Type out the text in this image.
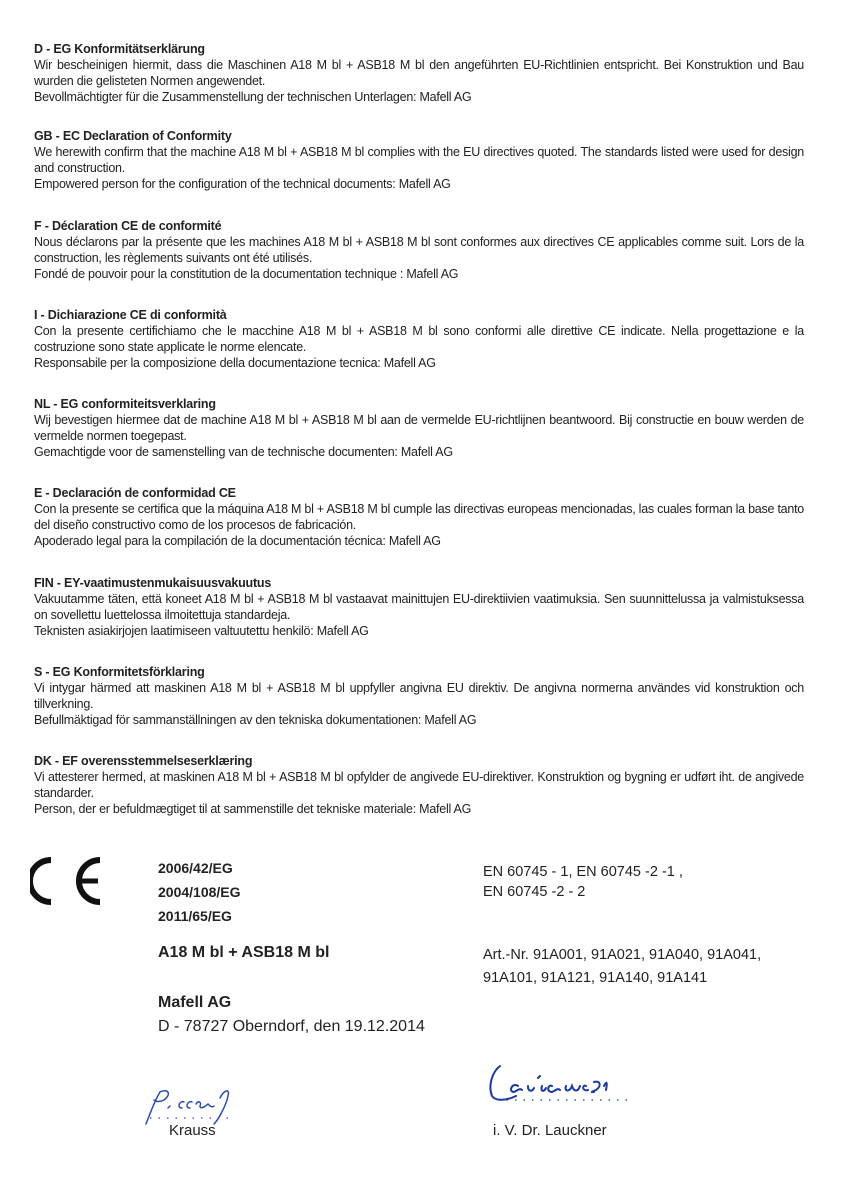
D - EG Konformitätserklärung

Wir bescheinigen hiermit, dass die Maschinen A18 M bl + ASB18 M bl den angeführten EU-Richtlinien entspricht. Bei Konstruktion und Bau wurden die gelisteten Normen angewendet.

Bevollmächtigter für die Zusammenstellung der technischen Unterlagen: Mafell AG

GB - EC Declaration of Conformity

We herewith confirm that the machine A18 M bl + ASB18 M bl complies with the EU directives quoted. The standards listed were used for design and construction.

Empowered person for the configuration of the technical documents: Mafell AG

F - Déclaration CE de conformité

Nous déclarons par la présente que les machines A18 M bl + ASB18 M bl sont conformes aux directives CE applicables comme suit. Lors de la construction, les règlements suivants ont été utilisés.

Fondé de pouvoir pour la constitution de la documentation technique : Mafell AG

I - Dichiarazione CE di conformità

Con la presente certifichiamo che le macchine A18 M bl + ASB18 M bl sono conformi alle direttive CE indicate. Nella progettazione e la costruzione sono state applicate le norme elencate.

Responsabile per la composizione della documentazione tecnica: Mafell AG

NL - EG conformiteitsverklaring

Wij bevestigen hiermee dat de machine A18 M bl + ASB18 M bl aan de vermelde EU-richtlijnen beantwoord. Bij constructie en bouw werden de vermelde normen toegepast.

Gemachtigde voor de samenstelling van de technische documenten: Mafell AG

E - Declaración de conformidad CE

Con la presente se certifica que la máquina A18 M bl + ASB18 M bl cumple las directivas europeas mencionadas, las cuales forman la base tanto del diseño constructivo como de los procesos de fabricación.

Apoderado legal para la compilación de la documentación técnica: Mafell AG

FIN - EY-vaatimustenmukaisuusvakuutus

Vakuutamme täten, että koneet A18 M bl + ASB18 M bl vastaavat mainittujen EU-direktiivien vaatimuksia. Sen suunnittelussa ja valmistuksessa on sovellettu luettelossa ilmoitettuja standardeja.

Teknisten asiakirjojen laatimiseen valtuutettu henkilö: Mafell AG

S - EG Konformitetsförklaring

Vi intygar härmed att maskinen A18 M bl + ASB18 M bl uppfyller angivna EU direktiv. De angivna normerna användes vid konstruktion och tillverkning.

Befullmäktigad för sammanställningen av den tekniska dokumentationen: Mafell AG

DK - EF overensstemmelseserklæring

Vi attesterer hermed, at maskinen A18 M bl + ASB18 M bl opfylder de angivede EU-direktiver. Konstruktion og bygning er udført iht. de angivede standarder.

Person, der er befuldmægtiget til at sammenstille det tekniske materiale: Mafell AG

2006/42/EG
2004/108/EG
2011/65/EG
EN 60745 - 1, EN 60745 -2 -1 ,
EN 60745 -2 - 2
A18 M bl + ASB18 M bl	Art.-Nr. 91A001, 91A021, 91A040, 91A041,
91A101, 91A121, 91A140, 91A141
Mafell AG
D - 78727 Oberndorf, den 19.12.2014
Krauss	i. V. Dr. Lauckner
